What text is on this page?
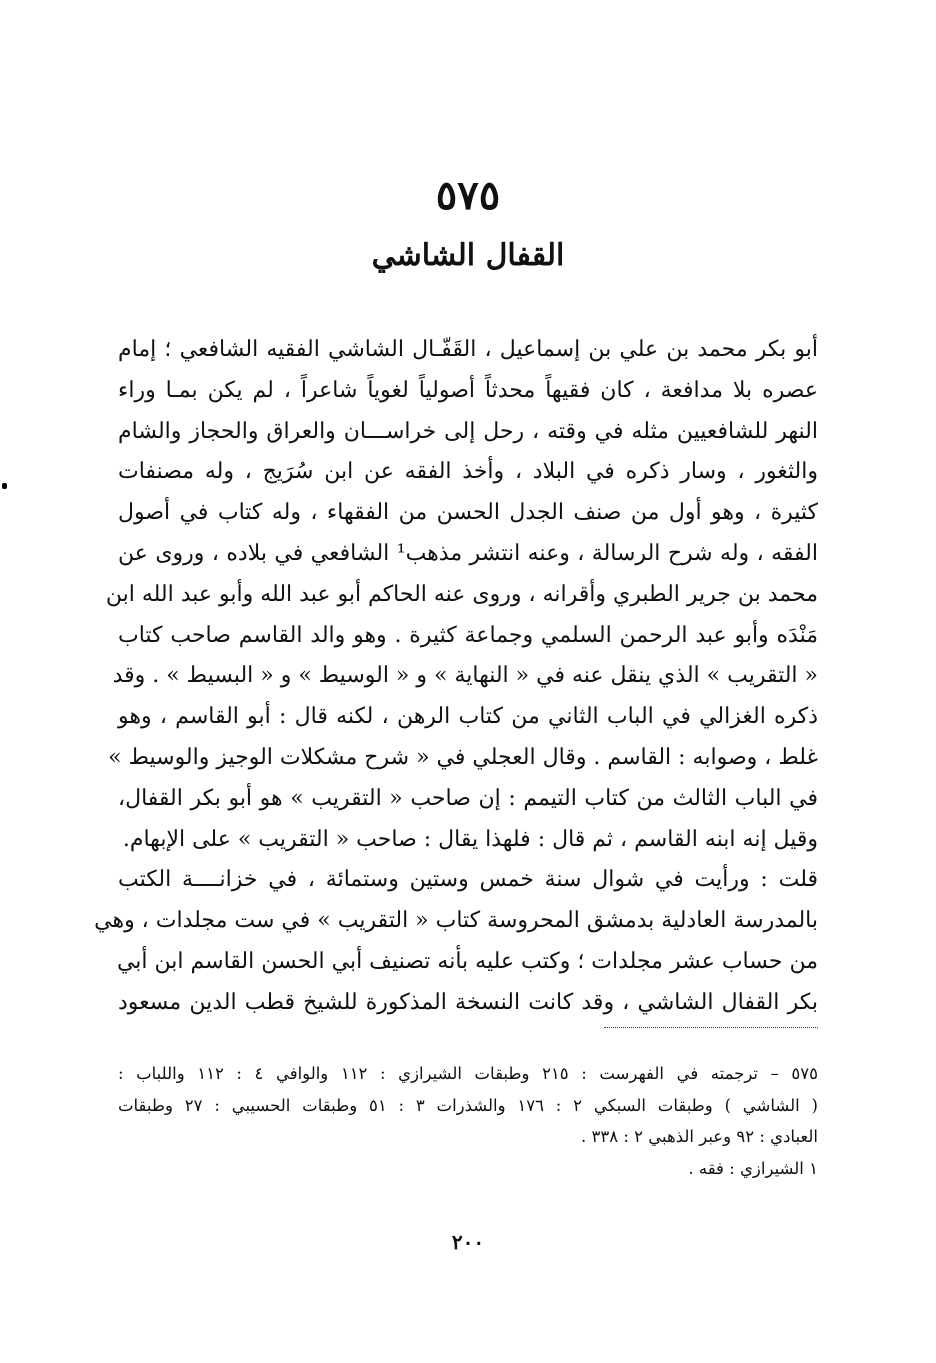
٥٧٥
القفال الشاشي
أبو بكر محمد بن علي بن إسماعيل ، القَفّـال الشاشي الفقيه الشافعي ؛ إمام
عصره بلا مدافعة ، كان فقيهاً محدثاً أصولياً لغوياً شاعراً ، لم يكن بمـا وراء
النهر للشافعيين مثله في وقته ، رحل إلى خراســـان والعراق والحجاز والشام
والثغور ، وسار ذكره في البلاد ، وأخذ الفقه عن ابن سُرَيج ، وله مصنفات
كثيرة ، وهو أول من صنف الجدل الحسن من الفقهاء ، وله كتاب في أصول
الفقه ، وله شرح الرسالة ، وعنه انتشر مذهب¹ الشافعي في بلاده ، وروى عن
محمد بن جرير الطبري وأقرانه ، وروى عنه الحاكم أبو عبد الله وأبو عبد الله ابن
مَنْدَه وأبو عبد الرحمن السلمي وجماعة كثيرة . وهو والد القاسم صاحب كتاب
« التقريب » الذي ينقل عنه في « النهاية » و « الوسيط » و « البسيط » . وقد
ذكره الغزالي في الباب الثاني من كتاب الرهن ، لكنه قال : أبو القاسم ، وهو
غلط ، وصوابه : القاسم . وقال العجلي في « شرح مشكلات الوجيز والوسيط »
في الباب الثالث من كتاب التيمم : إن صاحب « التقريب » هو أبو بكر القفال،
وقيل إنه ابنه القاسم ، ثم قال : فلهذا يقال : صاحب « التقريب » على الإبهام.
قلت : ورأيت في شوال سنة خمس وستين وستمائة ، في خزانــــة الكتب
بالمدرسة العادلية بدمشق المحروسة كتاب « التقريب » في ست مجلدات ، وهي
من حساب عشر مجلدات ؛ وكتب عليه بأنه تصنيف أبي الحسن القاسم ابن أبي
بكر القفال الشاشي ، وقد كانت النسخة المذكورة للشيخ قطب الدين مسعود
٥٧٥ – ترجمته في الفهرست : ٢١٥ وطبقات الشيرازي : ١١٢ والوافي ٤ : ١١٢ واللباب :
( الشاشي ) وطبقات السبكي ٢ : ١٧٦ والشذرات ٣ : ٥١ وطبقات الحسيبي : ٢٧ وطبقات
العبادي : ٩٢ وعبر الذهبي ٢ : ٣٣٨ .
١ الشيرازي : فقه .
٢٠٠
